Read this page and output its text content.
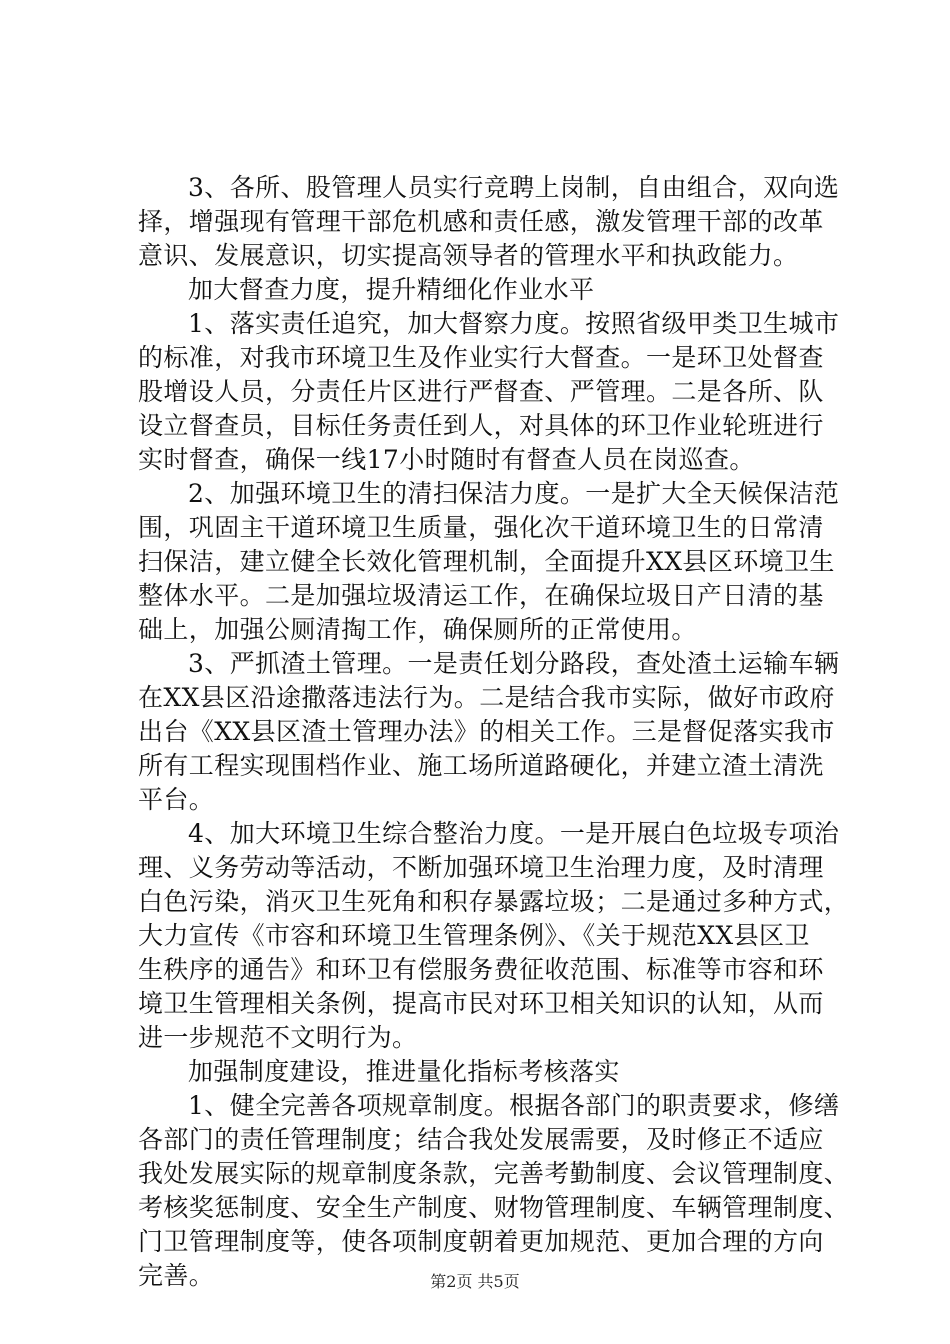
3、各所、股管理人员实行竞聘上岗制，自由组合，双向选
择，增强现有管理干部危机感和责任感，激发管理干部的改革
意识、发展意识，切实提高领导者的管理水平和执政能力。
加大督查力度，提升精细化作业水平
1、落实责任追究，加大督察力度。按照省级甲类卫生城市
的标准，对我市环境卫生及作业实行大督查。一是环卫处督查
股增设人员，分责任片区进行严督查、严管理。二是各所、队
设立督查员，目标任务责任到人，对具体的环卫作业轮班进行
实时督查，确保一线17小时随时有督查人员在岗巡查。
2、加强环境卫生的清扫保洁力度。一是扩大全天候保洁范
围，巩固主干道环境卫生质量，强化次干道环境卫生的日常清
扫保洁，建立健全长效化管理机制，全面提升XX县区环境卫生
整体水平。二是加强垃圾清运工作，在确保垃圾日产日清的基
础上，加强公厕清掏工作，确保厕所的正常使用。
3、严抓渣土管理。一是责任划分路段，查处渣土运输车辆
在XX县区沿途撒落违法行为。二是结合我市实际，做好市政府
出台《XX县区渣土管理办法》的相关工作。三是督促落实我市
所有工程实现围档作业、施工场所道路硬化，并建立渣土清洗
平台。
4、加大环境卫生综合整治力度。一是开展白色垃圾专项治
理、义务劳动等活动，不断加强环境卫生治理力度，及时清理
白色污染，消灭卫生死角和积存暴露垃圾；二是通过多种方式，
大力宣传《市容和环境卫生管理条例》、《关于规范XX县区卫
生秩序的通告》和环卫有偿服务费征收范围、标准等市容和环
境卫生管理相关条例，提高市民对环卫相关知识的认知，从而
进一步规范不文明行为。
加强制度建设，推进量化指标考核落实
1、健全完善各项规章制度。根据各部门的职责要求，修缮
各部门的责任管理制度；结合我处发展需要，及时修正不适应
我处发展实际的规章制度条款，完善考勤制度、会议管理制度、
考核奖惩制度、安全生产制度、财物管理制度、车辆管理制度、
门卫管理制度等，使各项制度朝着更加规范、更加合理的方向
完善。	第2页 共5页
